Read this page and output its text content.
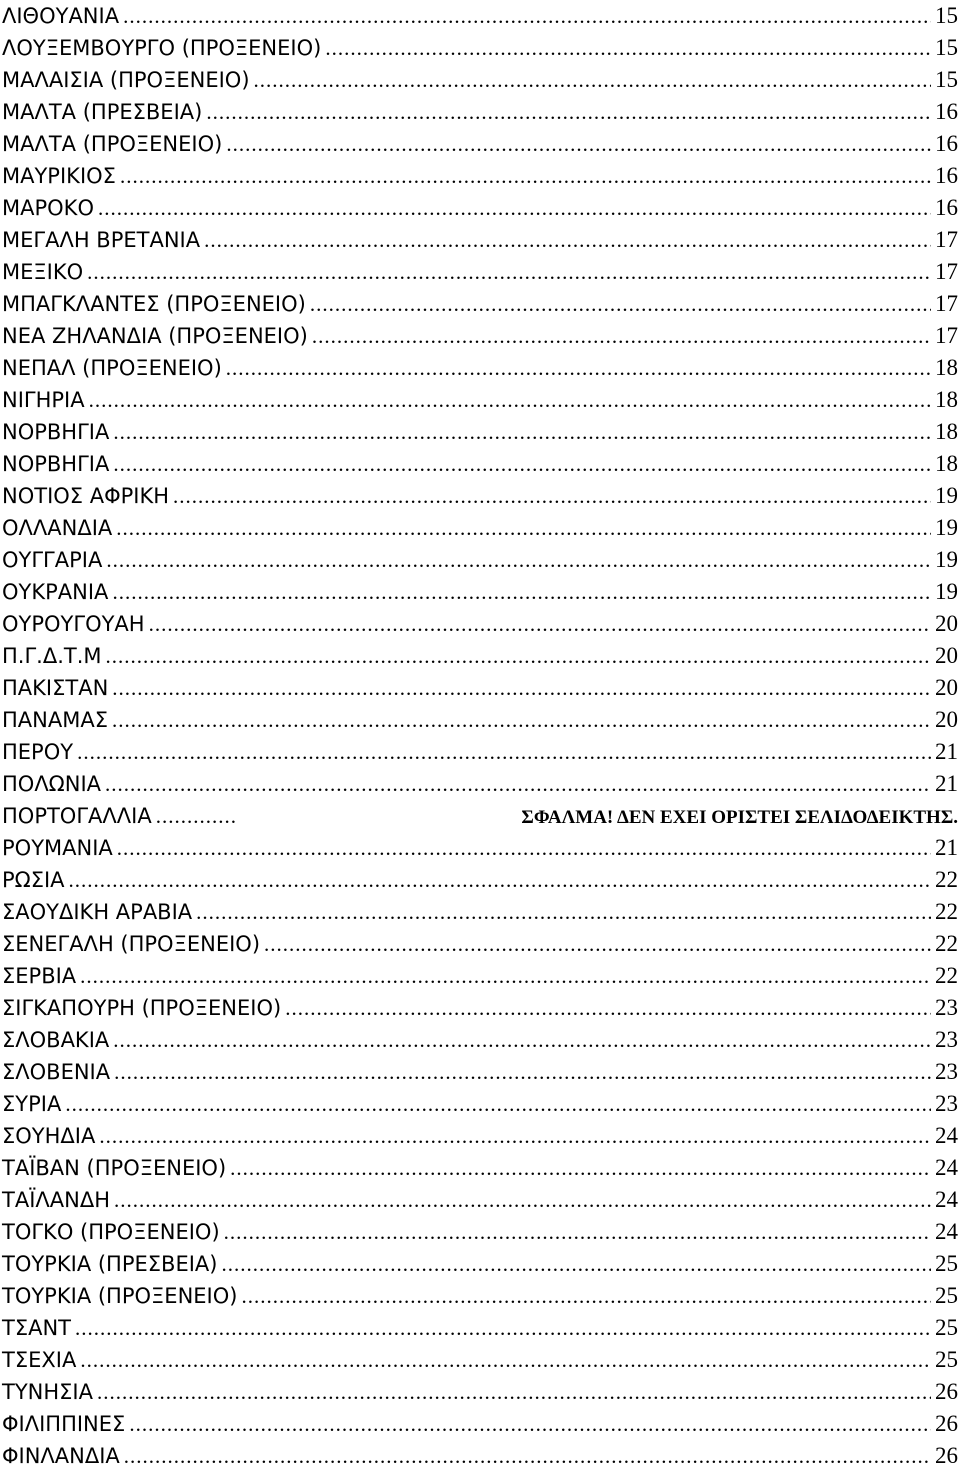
ΛΙΘΟΥΑΝΙΑ .....	15
ΛΟΥΞΕΜΒΟΥΡΓΟ (ΠΡΟΞΕΝΕΙΟ) .....	15
ΜΑΛΑΙΣΙΑ (ΠΡΟΞΕΝΕΙΟ) .....	15
ΜΑΛΤΑ (ΠΡΕΣΒΕΙΑ) .....	16
ΜΑΛΤΑ (ΠΡΟΞΕΝΕΙΟ) .....	16
ΜΑΥΡΙΚΙΟΣ .....	16
ΜΑΡΟΚΟ .....	16
ΜΕΓΑΛΗ ΒΡΕΤΑΝΙΑ .....	17
ΜΕΞΙΚΟ .....	17
ΜΠΑΓΚΛΑΝΤΕΣ (ΠΡΟΞΕΝΕΙΟ) .....	17
ΝΕΑ ΖΗΛΑΝΔΙΑ (ΠΡΟΞΕΝΕΙΟ) .....	17
ΝΕΠΑΛ (ΠΡΟΞΕΝΕΙΟ) .....	18
ΝΙΓΗΡΙΑ .....	18
ΝΟΡΒΗΓΙΑ .....	18
ΝΟΡΒΗΓΙΑ .....	18
ΝΟΤΙΟΣ ΑΦΡΙΚΗ .....	19
ΟΛΛΑΝΔΙΑ .....	19
ΟΥΓΓΑΡΙΑ .....	19
ΟΥΚΡΑΝΙΑ .....	19
ΟΥΡΟΥΓΟΥΑΗ .....	20
Π.Γ.Δ.Τ.Μ .....	20
ΠΑΚΙΣΤΑΝ .....	20
ΠΑΝΑΜΑΣ .....	20
ΠΕΡΟΥ .....	21
ΠΟΛΩΝΙΑ .....	21
ΠΟΡΤΟΓΑΛΛΙΑ .....	ΣΦΑΛΜΑ! ΔΕΝ ΕΧΕΙ ΟΡΙΣΤΕΙ ΣΕΛΙΔΟΔΕΙΚΤΗΣ.
ΡΟΥΜΑΝΙΑ .....	21
ΡΩΣΙΑ .....	22
ΣΑΟΥΔΙΚΗ ΑΡΑΒΙΑ .....	22
ΣΕΝΕΓΑΛΗ (ΠΡΟΞΕΝΕΙΟ) .....	22
ΣΕΡΒΙΑ .....	22
ΣΙΓΚΑΠΟΥΡΗ (ΠΡΟΞΕΝΕΙΟ) .....	23
ΣΛΟΒΑΚΙΑ .....	23
ΣΛΟΒΕΝΙΑ .....	23
ΣΥΡΙΑ .....	23
ΣΟΥΗΔΙΑ .....	24
ΤΑΪΒΑΝ (ΠΡΟΞΕΝΕΙΟ) .....	24
ΤΑΪΛΑΝΔΗ .....	24
ΤΟΓΚΟ (ΠΡΟΞΕΝΕΙΟ) .....	24
ΤΟΥΡΚΙΑ (ΠΡΕΣΒΕΙΑ) .....	25
ΤΟΥΡΚΙΑ (ΠΡΟΞΕΝΕΙΟ) .....	25
ΤΣΑΝΤ .....	25
ΤΣΕΧΙΑ .....	25
ΤΥΝΗΣΙΑ .....	26
ΦΙΛΙΠΠΙΝΕΣ .....	26
ΦΙΝΛΑΝΔΙΑ .....	26
